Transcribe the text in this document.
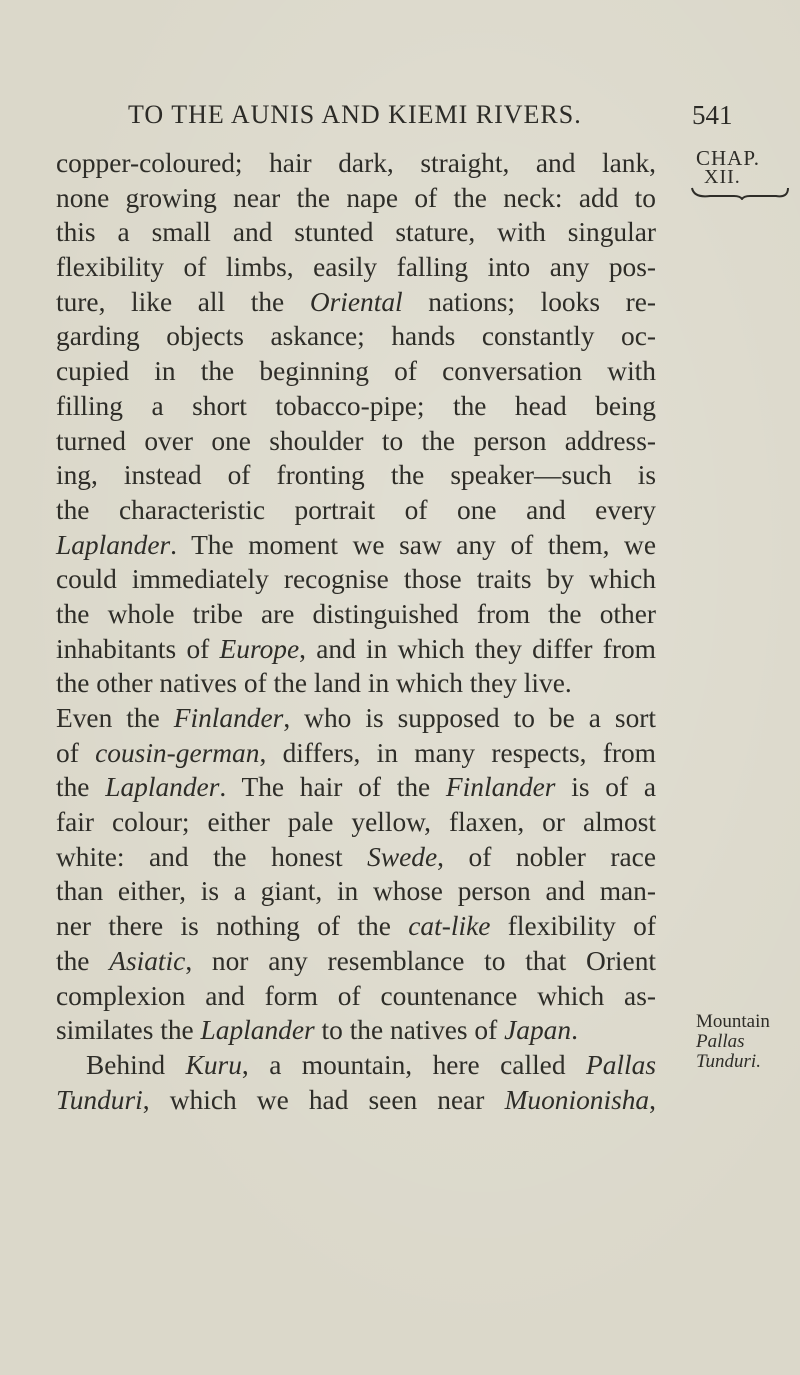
TO THE AUNIS AND KIEMI RIVERS.	541
CHAP.
XII.
Mountain
Pallas
Tunduri.
copper-coloured; hair dark, straight, and lank,
none growing near the nape of the neck: add to
this a small and stunted stature, with singular
flexibility of limbs, easily falling into any pos-
ture, like all the Oriental nations; looks re-
garding objects askance; hands constantly oc-
cupied in the beginning of conversation with
filling a short tobacco-pipe; the head being
turned over one shoulder to the person address-
ing, instead of fronting the speaker—such is
the characteristic portrait of one and every
Laplander. The moment we saw any of them, we
could immediately recognise those traits by which
the whole tribe are distinguished from the other
inhabitants of Europe, and in which they differ from
the other natives of the land in which they live.
Even the Finlander, who is supposed to be a sort
of cousin-german, differs, in many respects, from
the Laplander. The hair of the Finlander is of a
fair colour; either pale yellow, flaxen, or almost
white: and the honest Swede, of nobler race
than either, is a giant, in whose person and man-
ner there is nothing of the cat-like flexibility of
the Asiatic, nor any resemblance to that Orient
complexion and form of countenance which as-
similates the Laplander to the natives of Japan.
Behind Kuru, a mountain, here called Pallas
Tunduri, which we had seen near Muonionisha,
